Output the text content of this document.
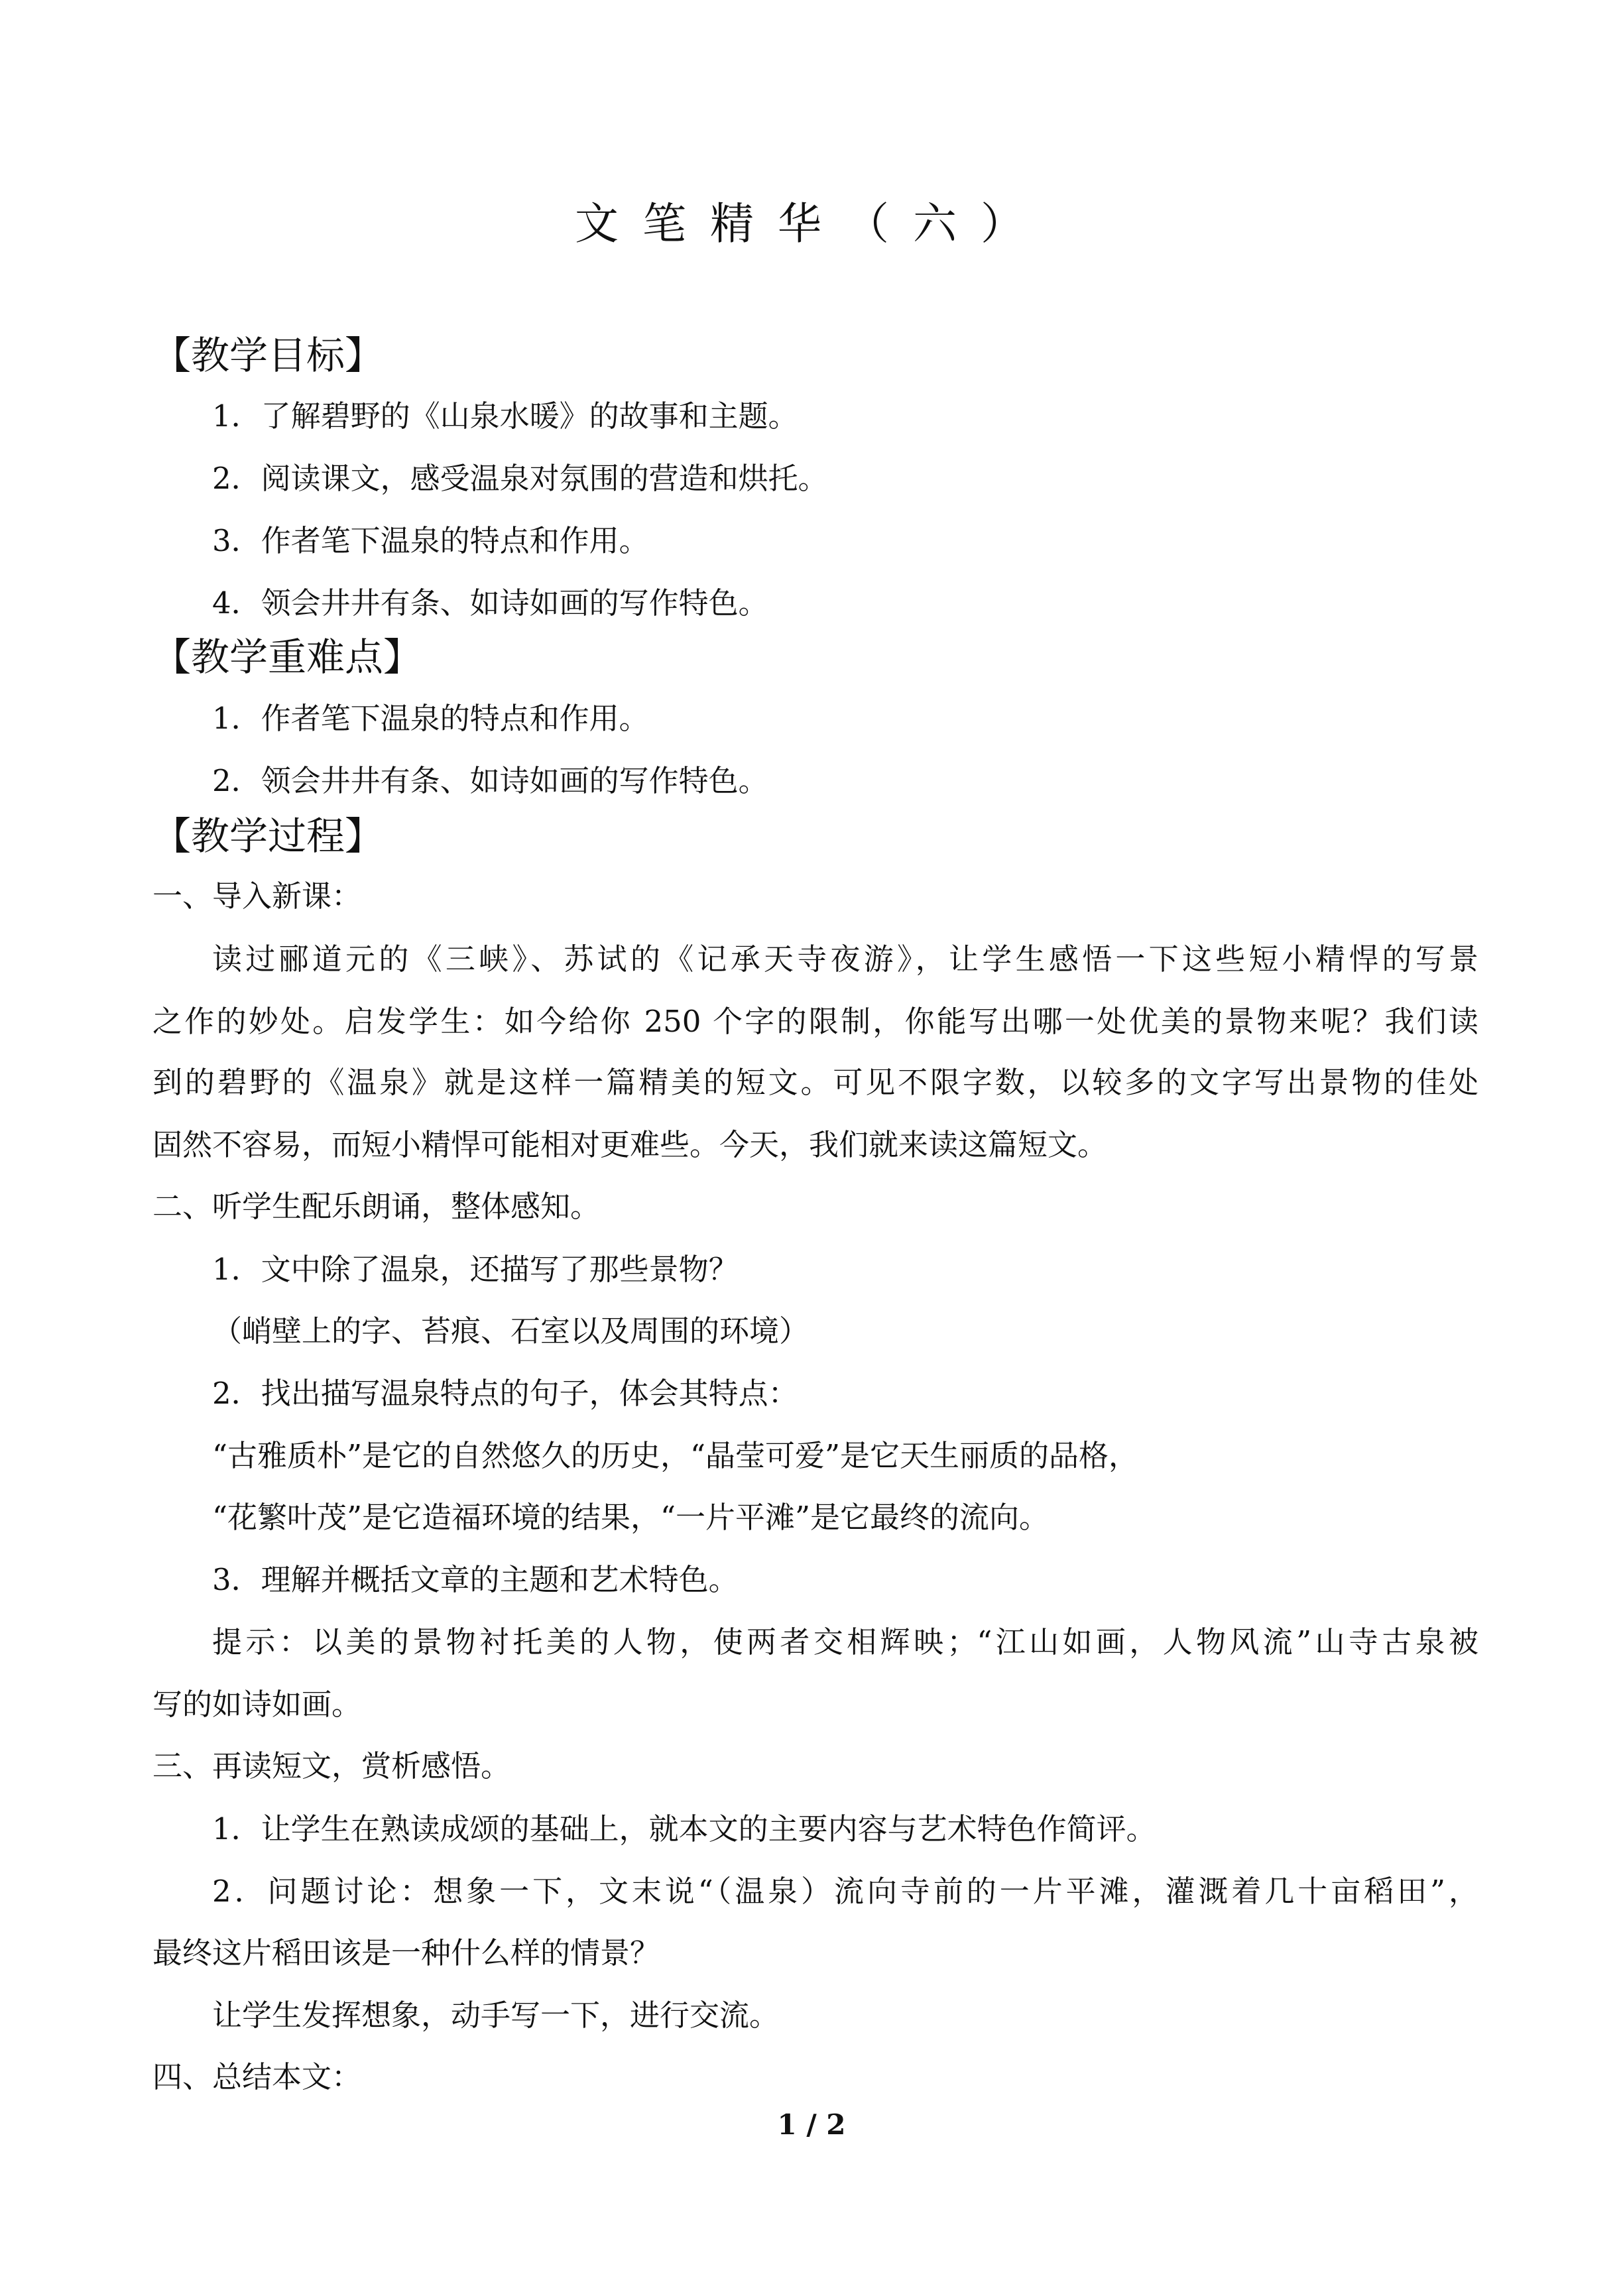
文笔精华（六）
【教学目标】

1．了解碧野的《山泉水暖》的故事和主题。

2．阅读课文，感受温泉对氛围的营造和烘托。

3．作者笔下温泉的特点和作用。

4．领会井井有条、如诗如画的写作特色。

【教学重难点】

1．作者笔下温泉的特点和作用。

2．领会井井有条、如诗如画的写作特色。

【教学过程】

一、导入新课：

读过郦道元的《三峡》、苏试的《记承天寺夜游》，让学生感悟一下这些短小精悍的写景

之作的妙处。启发学生：如今给你 250 个字的限制，你能写出哪一处优美的景物来呢？我们读

到的碧野的《温泉》就是这样一篇精美的短文。可见不限字数，以较多的文字写出景物的佳处

固然不容易，而短小精悍可能相对更难些。今天，我们就来读这篇短文。

二、听学生配乐朗诵，整体感知。

1．文中除了温泉，还描写了那些景物？

（峭壁上的字、苔痕、石室以及周围的环境）

2．找出描写温泉特点的句子，体会其特点：

“古雅质朴”是它的自然悠久的历史，“晶莹可爱”是它天生丽质的品格，

“花繁叶茂”是它造福环境的结果，“一片平滩”是它最终的流向。

3．理解并概括文章的主题和艺术特色。

提示：以美的景物衬托美的人物，使两者交相辉映；“江山如画，人物风流”山寺古泉被

写的如诗如画。

三、再读短文，赏析感悟。

1．让学生在熟读成颂的基础上，就本文的主要内容与艺术特色作简评。

2．问题讨论：想象一下，文末说“（温泉）流向寺前的一片平滩，灌溉着几十亩稻田”，

最终这片稻田该是一种什么样的情景？

让学生发挥想象，动手写一下，进行交流。

四、总结本文：

1 / 2
